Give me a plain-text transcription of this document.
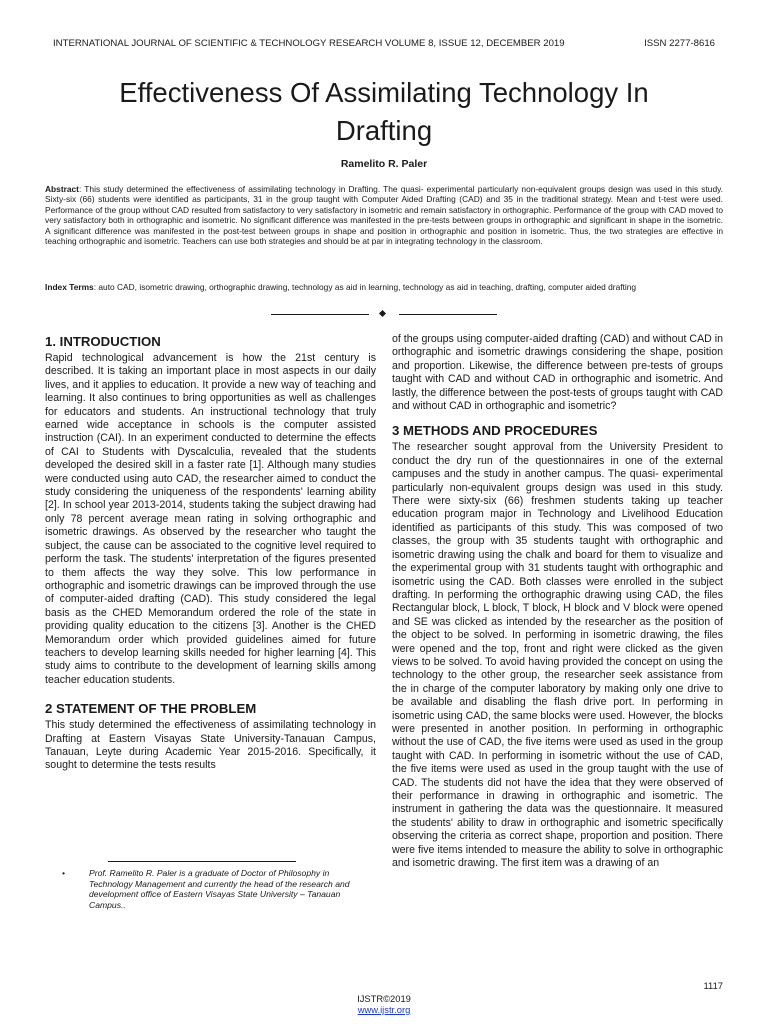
INTERNATIONAL JOURNAL OF SCIENTIFIC & TECHNOLOGY RESEARCH VOLUME 8, ISSUE 12, DECEMBER 2019	ISSN 2277-8616
Effectiveness Of Assimilating Technology In Drafting
Ramelito R. Paler

Abstract: This study determined the effectiveness of assimilating technology in Drafting. The quasi- experimental particularly non-equivalent groups design was used in this study. Sixty-six (66) students were identified as participants, 31 in the group taught with Computer Aided Drafting (CAD) and 35 in the traditional strategy. Mean and t-test were used. Performance of the group without CAD resulted from satisfactory to very satisfactory in isometric and remain satisfactory in orthographic. Performance of the group with CAD moved to very satisfactory both in orthographic and isometric. No significant difference was manifested in the pre-tests between groups in orthographic and significant in shape in the isometric. A significant difference was manifested in the post-test between groups in shape and position in orthographic and position in isometric. Thus, the two strategies are effective in teaching orthographic and isometric. Teachers can use both strategies and should be at par in integrating technology in the classroom.

Index Terms: auto CAD, isometric drawing, orthographic drawing, technology as aid in learning, technology as aid in teaching, drafting, computer aided drafting

1. INTRODUCTION

Rapid technological advancement is how the 21st century is described. It is taking an important place in most aspects in our daily lives, and it applies to education. It provide a new way of teaching and learning. It also continues to bring opportunities as well as challenges for educators and students. An instructional technology that truly earned wide acceptance in schools is the computer assisted instruction (CAI). In an experiment conducted to determine the effects of CAI to Students with Dyscalculia, revealed that the students developed the desired skill in a faster rate [1]. Although many studies were conducted using auto CAD, the researcher aimed to conduct the study considering the uniqueness of the respondents' learning ability [2]. In school year 2013-2014, students taking the subject drawing had only 78 percent average mean rating in solving orthographic and isometric drawings. As observed by the researcher who taught the subject, the cause can be associated to the cognitive level required to perform the task. The students' interpretation of the figures presented to them affects the way they solve. This low performance in orthographic and isometric drawings can be improved through the use of computer-aided drafting (CAD). This study considered the legal basis as the CHED Memorandum ordered the role of the state in providing quality education to the citizens [3]. Another is the CHED Memorandum order which provided guidelines aimed for future teachers to develop learning skills needed for higher learning [4]. This study aims to contribute to the development of learning skills among teacher education students.

2 STATEMENT OF THE PROBLEM

This study determined the effectiveness of assimilating technology in Drafting at Eastern Visayas State University-Tanauan Campus, Tanauan, Leyte during Academic Year 2015-2016. Specifically, it sought to determine the tests results

•	Prof. Ramelito R. Paler is a graduate of Doctor of Philosophy in Technology Management and currently the head of the research and development office of Eastern Visayas State University – Tanauan Campus..

of the groups using computer-aided drafting (CAD) and without CAD in orthographic and isometric drawings considering the shape, position and proportion. Likewise, the difference between pre-tests of groups taught with CAD and without CAD in orthographic and isometric. And lastly, the difference between the post-tests of groups taught with CAD and without CAD in orthographic and isometric?

3 METHODS AND PROCEDURES

The researcher sought approval from the University President to conduct the dry run of the questionnaires in one of the external campuses and the study in another campus. The quasi- experimental particularly non-equivalent groups design was used in this study. There were sixty-six (66) freshmen students taking up teacher education program major in Technology and Livelihood Education identified as participants of this study. This was composed of two classes, the group with 35 students taught with orthographic and isometric drawing using the chalk and board for them to visualize and the experimental group with 31 students taught with orthographic and isometric using the CAD. Both classes were enrolled in the subject drafting. In performing the orthographic drawing using CAD, the files Rectangular block, L block, T block, H block and V block were opened and SE was clicked as intended by the researcher as the position of the object to be solved. In performing in isometric drawing, the files were opened and the top, front and right were clicked as the given views to be solved. To avoid having provided the concept on using the technology to the other group, the researcher seek assistance from the in charge of the computer laboratory by making only one drive to be available and disabling the flash drive port. In performing in isometric using CAD, the same blocks were used. However, the blocks were presented in another position. In performing in orthographic without the use of CAD, the five items were used as used in the group taught with CAD. In performing in isometric without the use of CAD, the five items were used as used in the group taught with the use of CAD. The students did not have the idea that they were observed of their performance in drawing in orthographic and isometric. The instrument in gathering the data was the questionnaire. It measured the students' ability to draw in orthographic and isometric specifically observing the criteria as correct shape, proportion and position. There were five items intended to measure the ability to solve in orthographic and isometric drawing. The first item was a drawing of an

1117
IJSTR©2019
www.ijstr.org
